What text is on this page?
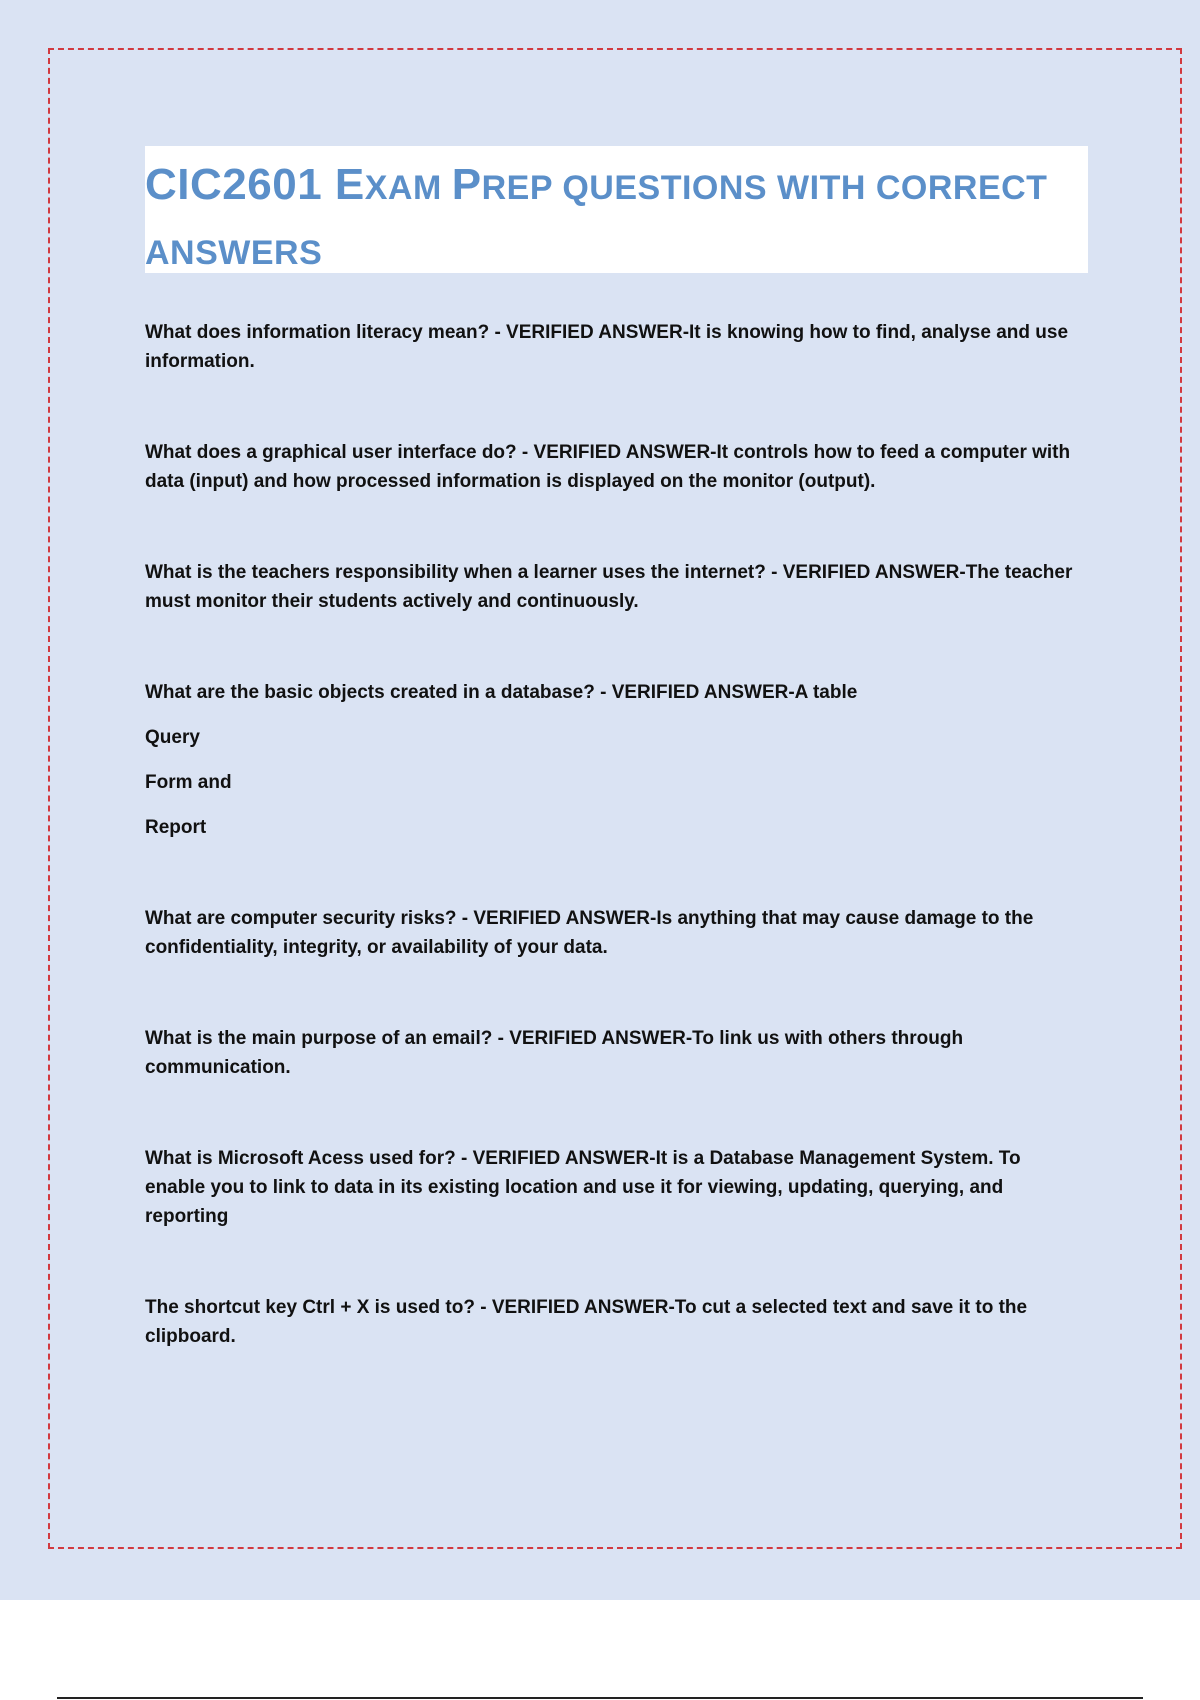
CIC2601 EXAM PREP QUESTIONS WITH CORRECT ANSWERS

What does information literacy mean? - VERIFIED ANSWER-It is knowing how to find, analyse and use information.

What does a graphical user interface do? - VERIFIED ANSWER-It controls how to feed a computer with data (input) and how processed information is displayed on the monitor (output).

What is the teachers responsibility when a learner uses the internet? - VERIFIED ANSWER-The teacher must monitor their students actively and continuously.

What are the basic objects created in a database? - VERIFIED ANSWER-A table

Query

Form and

Report

What are computer security risks? - VERIFIED ANSWER-Is anything that may cause damage to the confidentiality, integrity, or availability of your data.

What is the main purpose of an email? - VERIFIED ANSWER-To link us with others through communication.

What is Microsoft Acess used for? - VERIFIED ANSWER-It is a Database Management System. To enable you to link to data in its existing location and use it for viewing, updating, querying, and reporting

The shortcut key Ctrl + X is used to? - VERIFIED ANSWER-To cut a selected text and save it to the clipboard.
